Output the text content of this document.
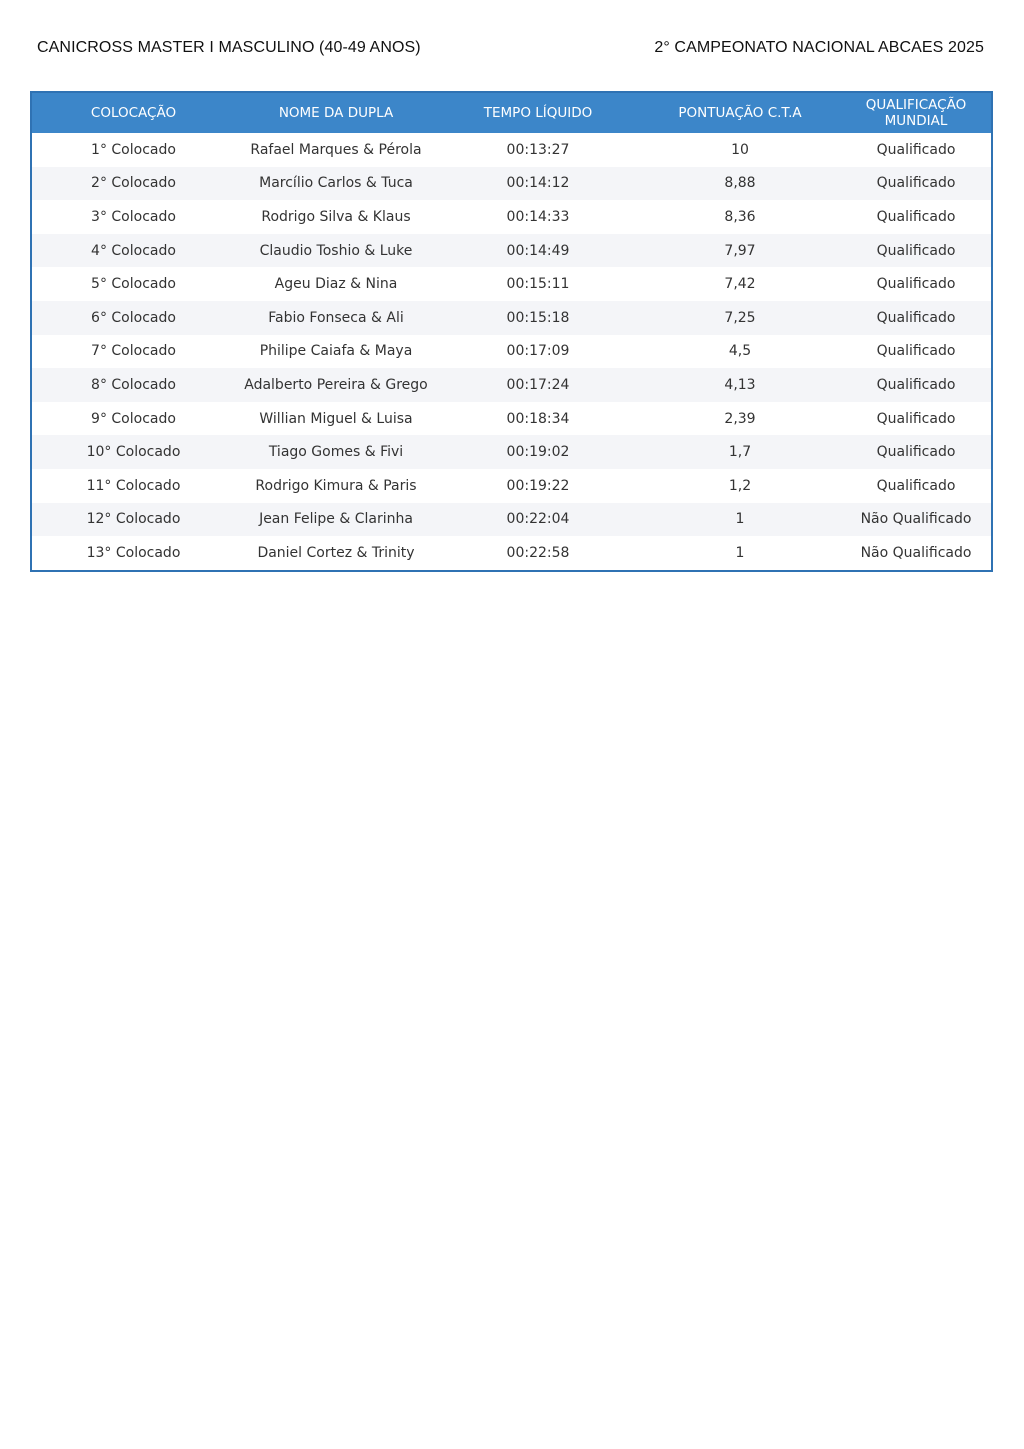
CANICROSS MASTER I MASCULINO (40-49 ANOS)	2° CAMPEONATO NACIONAL ABCAES 2025
COLOCAÇÃO	NOME DA DUPLA	TEMPO LÍQUIDO	PONTUAÇÃO C.T.A	QUALIFICAÇÃO MUNDIAL
1° Colocado	Rafael Marques & Pérola	00:13:27	10	Qualificado
2° Colocado	Marcílio Carlos & Tuca	00:14:12	8,88	Qualificado
3° Colocado	Rodrigo Silva & Klaus	00:14:33	8,36	Qualificado
4° Colocado	Claudio Toshio & Luke	00:14:49	7,97	Qualificado
5° Colocado	Ageu Diaz & Nina	00:15:11	7,42	Qualificado
6° Colocado	Fabio Fonseca & Ali	00:15:18	7,25	Qualificado
7° Colocado	Philipe Caiafa & Maya	00:17:09	4,5	Qualificado
8° Colocado	Adalberto Pereira & Grego	00:17:24	4,13	Qualificado
9° Colocado	Willian Miguel & Luisa	00:18:34	2,39	Qualificado
10° Colocado	Tiago Gomes & Fivi	00:19:02	1,7	Qualificado
11° Colocado	Rodrigo Kimura & Paris	00:19:22	1,2	Qualificado
12° Colocado	Jean Felipe & Clarinha	00:22:04	1	Não Qualificado
13° Colocado	Daniel Cortez & Trinity	00:22:58	1	Não Qualificado
